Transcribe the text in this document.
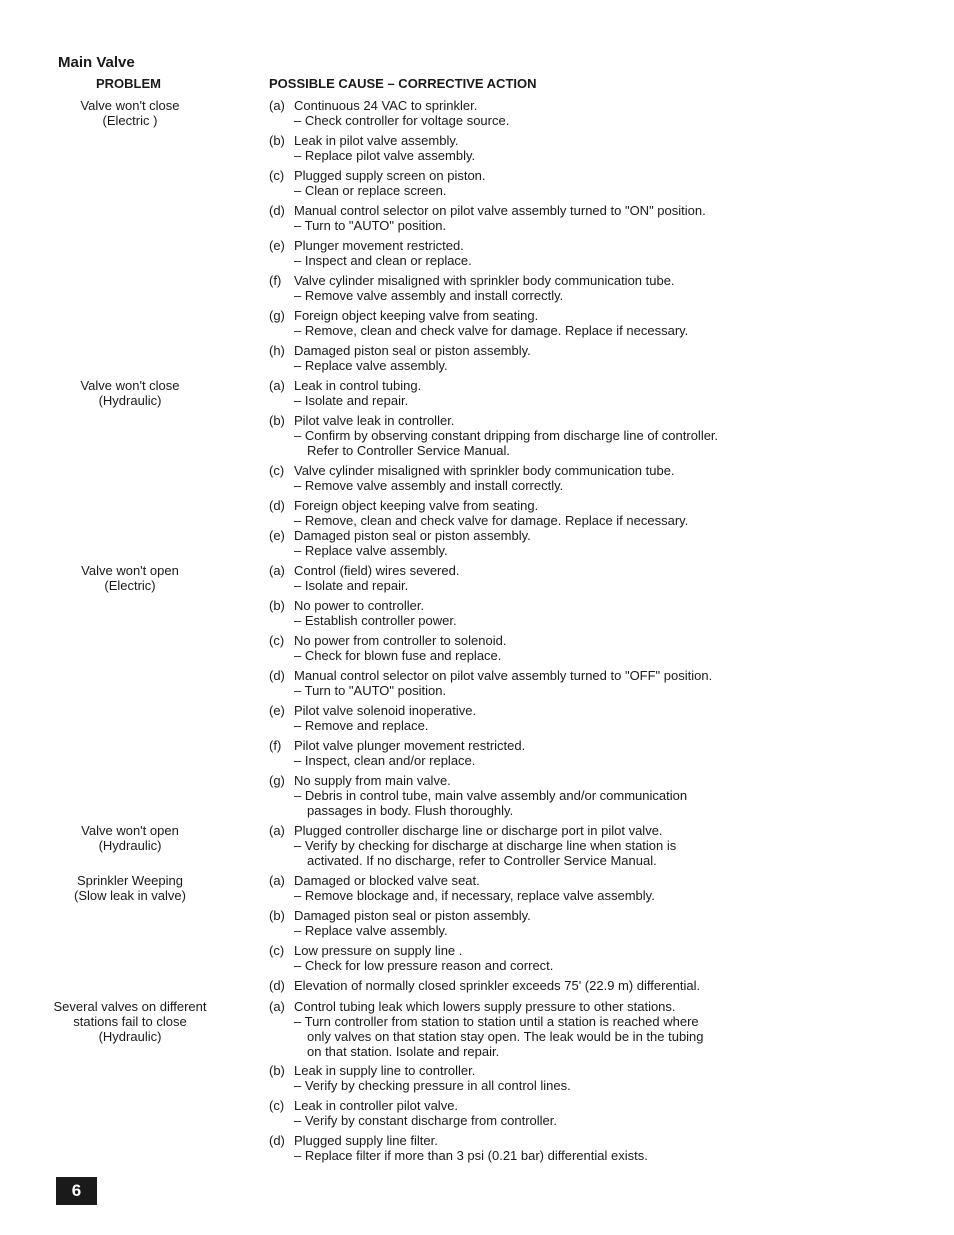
Main Valve
PROBLEM	POSSIBLE CAUSE – CORRECTIVE ACTION
Valve won't close
(Electric )
Valve won't close
(Hydraulic)
Valve won't open
(Electric)
Valve won't open
(Hydraulic)
Sprinkler Weeping
(Slow leak in valve)
Several valves on different
stations fail to close
(Hydraulic)
(a) Continuous 24 VAC to sprinkler.
– Check controller for voltage source.
(b) Leak in pilot valve assembly.
– Replace pilot valve assembly.
(c) Plugged supply screen on piston.
– Clean or replace screen.
(d) Manual control selector on pilot valve assembly turned to "ON" position.
– Turn to "AUTO" position.
(e) Plunger movement restricted.
– Inspect and clean or replace.
(f) Valve cylinder misaligned with sprinkler body communication tube.
– Remove valve assembly and install correctly.
(g) Foreign object keeping valve from seating.
– Remove, clean and check valve for damage. Replace if necessary.
(h) Damaged piston seal or piston assembly.
– Replace valve assembly.
(a) Leak in control tubing.
– Isolate and repair.
(b) Pilot valve leak in controller.
– Confirm by observing constant dripping from discharge line of controller.
Refer to Controller Service Manual.
(c) Valve cylinder misaligned with sprinkler body communication tube.
– Remove valve assembly and install correctly.
(d) Foreign object keeping valve from seating.
– Remove, clean and check valve for damage. Replace if necessary.
(e) Damaged piston seal or piston assembly.
– Replace valve assembly.
(a) Control (field) wires severed.
– Isolate and repair.
(b) No power to controller.
– Establish controller power.
(c) No power from controller to solenoid.
– Check for blown fuse and replace.
(d) Manual control selector on pilot valve assembly turned to "OFF" position.
– Turn to "AUTO" position.
(e) Pilot valve solenoid inoperative.
– Remove and replace.
(f) Pilot valve plunger movement restricted.
– Inspect, clean and/or replace.
(g) No supply from main valve.
– Debris in control tube, main valve assembly and/or communication
passages in body. Flush thoroughly.
(a) Plugged controller discharge line or discharge port in pilot valve.
– Verify by checking for discharge at discharge line when station is
activated. If no discharge, refer to Controller Service Manual.
(a) Damaged or blocked valve seat.
– Remove blockage and, if necessary, replace valve assembly.
(b) Damaged piston seal or piston assembly.
– Replace valve assembly.
(c) Low pressure on supply line .
– Check for low pressure reason and correct.
(d) Elevation of normally closed sprinkler exceeds 75' (22.9 m) differential.
(a) Control tubing leak which lowers supply pressure to other stations.
– Turn controller from station to station until a station is reached where
only valves on that station stay open. The leak would be in the tubing
on that station. Isolate and repair.
(b) Leak in supply line to controller.
– Verify by checking pressure in all control lines.
(c) Leak in controller pilot valve.
– Verify by constant discharge from controller.
(d) Plugged supply line filter.
– Replace filter if more than 3 psi (0.21 bar) differential exists.
6
